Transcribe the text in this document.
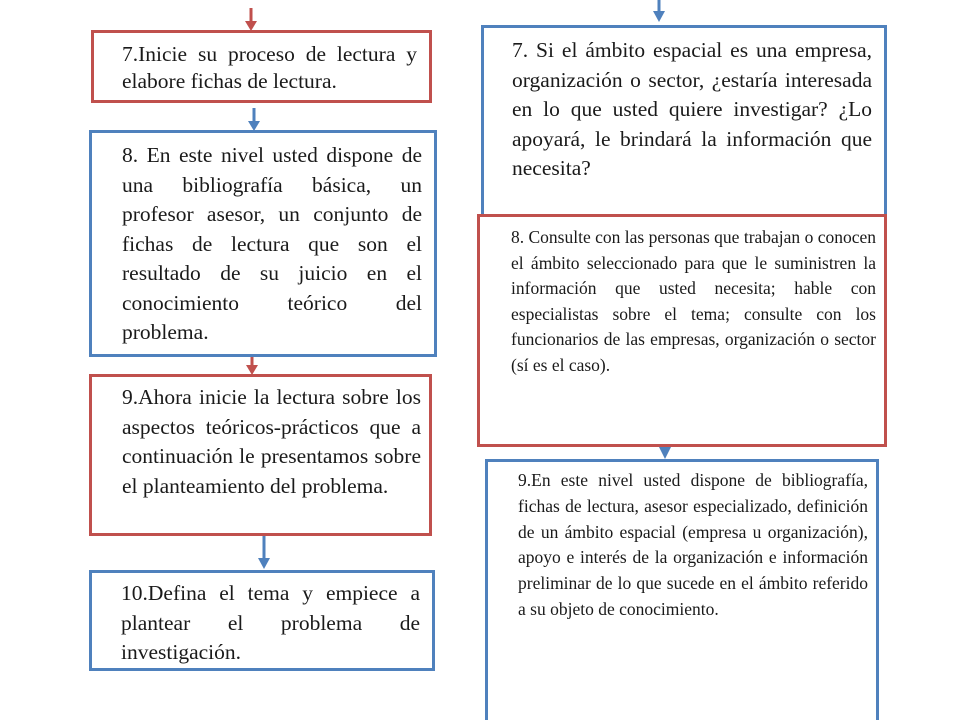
7.Inicie su proceso de lectura y elabore fichas de lectura.
8. En este nivel usted dispone de una bibliografía básica, un profesor asesor, un conjunto de fichas de lectura que son el resultado de su juicio en el conocimiento teórico del problema.
9.Ahora inicie la lectura sobre los aspectos teóricos-prácticos que a continuación le presentamos sobre el planteamiento del problema.
10.Defina el tema y empiece a plantear el problema de investigación.
7. Si el ámbito espacial es una empresa, organización o sector, ¿estaría interesada en lo que usted quiere investigar? ¿Lo apoyará, le brindará la información que necesita?
8. Consulte con las personas que trabajan o conocen el ámbito seleccionado para que le suministren la información que usted necesita; hable con especialistas sobre el tema; consulte con los funcionarios de las empresas, organización o sector (sí es el caso).
9.En este nivel usted dispone de bibliografía, fichas de lectura, asesor especializado, definición de un ámbito espacial (empresa u organización), apoyo e interés de la organización e información preliminar de lo que sucede en el ámbito referido a su objeto de conocimiento.
